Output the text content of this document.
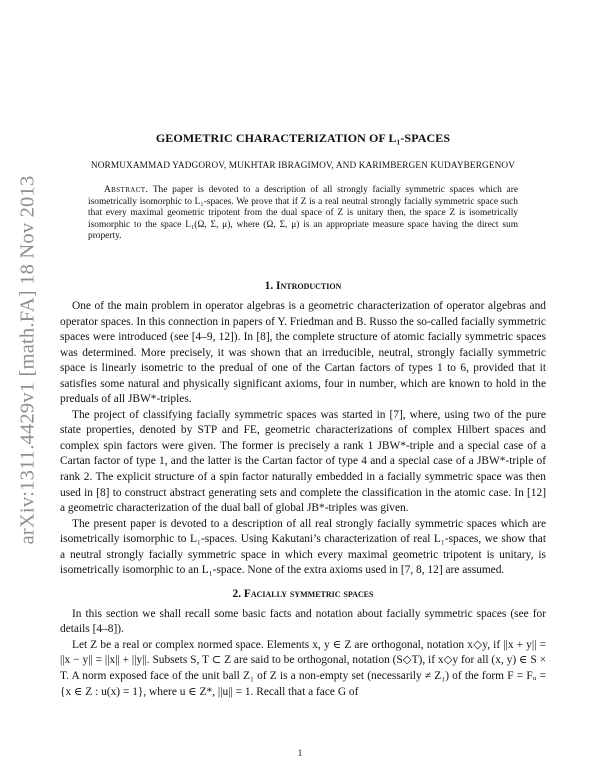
arXiv:1311.4429v1 [math.FA] 18 Nov 2013
GEOMETRIC CHARACTERIZATION OF L₁-SPACES
NORMUXAMMAD YADGOROV, MUKHTAR IBRAGIMOV, AND KARIMBERGEN KUDAYBERGENOV

Abstract. The paper is devoted to a description of all strongly facially symmetric spaces which are isometrically isomorphic to L₁-spaces. We prove that if Z is a real neutral strongly facially symmetric space such that every maximal geometric tripotent from the dual space of Z is unitary then, the space Z is isometrically isomorphic to the space L₁(Ω, Σ, μ), where (Ω, Σ, μ) is an appropriate measure space having the direct sum property.

1. Introduction

One of the main problem in operator algebras is a geometric characterization of operator algebras and operator spaces. In this connection in papers of Y. Friedman and B. Russo the so-called facially symmetric spaces were introduced (see [4–9, 12]). In [8], the complete structure of atomic facially symmetric spaces was determined. More precisely, it was shown that an irreducible, neutral, strongly facially symmetric space is linearly isometric to the predual of one of the Cartan factors of types 1 to 6, provided that it satisfies some natural and physically significant axioms, four in number, which are known to hold in the preduals of all JBW*-triples.

The project of classifying facially symmetric spaces was started in [7], where, using two of the pure state properties, denoted by STP and FE, geometric characterizations of complex Hilbert spaces and complex spin factors were given. The former is precisely a rank 1 JBW*-triple and a special case of a Cartan factor of type 1, and the latter is the Cartan factor of type 4 and a special case of a JBW*-triple of rank 2. The explicit structure of a spin factor naturally embedded in a facially symmetric space was then used in [8] to construct abstract generating sets and complete the classification in the atomic case. In [12] a geometric characterization of the dual ball of global JB*-triples was given.

The present paper is devoted to a description of all real strongly facially symmetric spaces which are isometrically isomorphic to L₁-spaces. Using Kakutani’s characterization of real L₁-spaces, we show that a neutral strongly facially symmetric space in which every maximal geometric tripotent is unitary, is isometrically isomorphic to an L₁-space. None of the extra axioms used in [7, 8, 12] are assumed.

2. Facially symmetric spaces

In this section we shall recall some basic facts and notation about facially symmetric spaces (see for details [4–8]).

Let Z be a real or complex normed space. Elements x, y ∈ Z are orthogonal, notation x◇y, if ||x + y|| = ||x − y|| = ||x|| + ||y||. Subsets S, T ⊂ Z are said to be orthogonal, notation (S◇T), if x◇y for all (x, y) ∈ S × T. A norm exposed face of the unit ball Z₁ of Z is a non-empty set (necessarily ≠ Z₁) of the form F = Fᵤ = {x ∈ Z : u(x) = 1}, where u ∈ Z*, ||u|| = 1. Recall that a face G of

1
